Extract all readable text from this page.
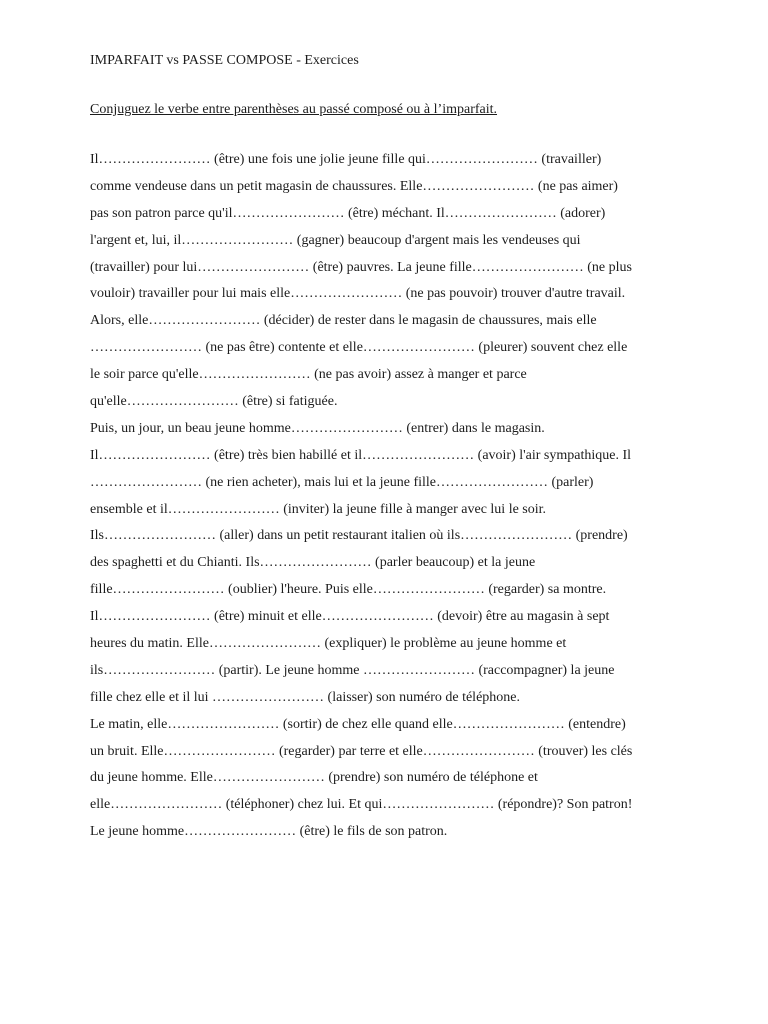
IMPARFAIT vs PASSE COMPOSE - Exercices
Conjuguez le verbe entre parenthèses au passé composé ou à l’imparfait.
Il…………………… (être) une fois une jolie jeune fille qui…………………… (travailler)
comme vendeuse dans un petit magasin de chaussures. Elle…………………… (ne pas aimer)
pas son patron parce qu'il…………………… (être) méchant. Il…………………… (adorer)
l'argent et, lui, il…………………… (gagner) beaucoup d'argent mais les vendeuses qui
(travailler) pour lui…………………… (être) pauvres. La jeune fille…………………… (ne plus
vouloir) travailler pour lui mais elle…………………… (ne pas pouvoir) trouver d'autre travail.
Alors, elle…………………… (décider) de rester dans le magasin de chaussures, mais elle
…………………… (ne pas être) contente et elle…………………… (pleurer) souvent chez elle
le soir parce qu'elle…………………… (ne pas avoir) assez à manger et parce
qu'elle…………………… (être) si fatiguée.
Puis, un jour, un beau jeune homme…………………… (entrer) dans le magasin.
Il…………………… (être) très bien habillé et il…………………… (avoir) l'air sympathique. Il
…………………… (ne rien acheter), mais lui et la jeune fille…………………… (parler)
ensemble et il…………………… (inviter) la jeune fille à manger avec lui le soir.
Ils…………………… (aller) dans un petit restaurant italien où ils…………………… (prendre)
des spaghetti et du Chianti. Ils…………………… (parler beaucoup) et la jeune
fille…………………… (oublier) l'heure. Puis elle…………………… (regarder) sa montre.
Il…………………… (être) minuit et elle…………………… (devoir) être au magasin à sept
heures du matin. Elle…………………… (expliquer) le problème au jeune homme et
ils…………………… (partir). Le jeune homme …………………… (raccompagner) la jeune
fille chez elle et il lui …………………… (laisser) son numéro de téléphone.
Le matin, elle…………………… (sortir) de chez elle quand elle…………………… (entendre)
un bruit. Elle…………………… (regarder) par terre et elle…………………… (trouver) les clés
du jeune homme. Elle…………………… (prendre) son numéro de téléphone et
elle…………………… (téléphoner) chez lui. Et qui…………………… (répondre)? Son patron!
Le jeune homme…………………… (être) le fils de son patron.
